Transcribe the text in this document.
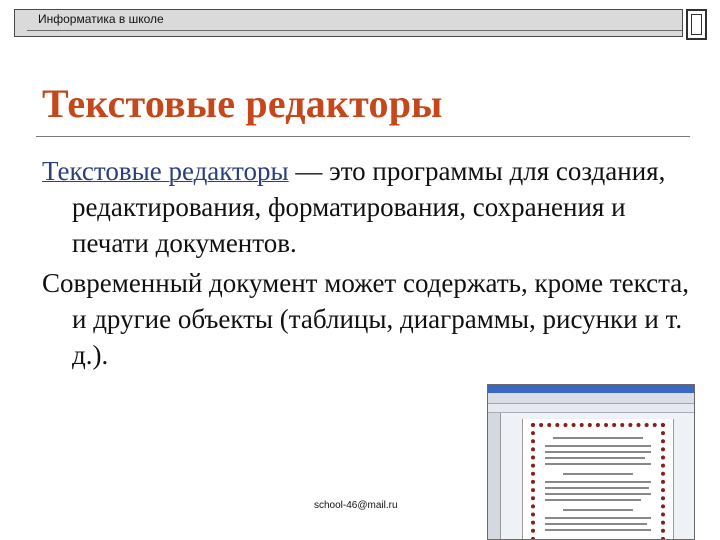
Информатика в школе
Текстовые редакторы

Текстовые редакторы — это программы для создания, редактирования, форматирования, сохранения и печати документов.

Современный документ может содержать, кроме текста, и другие объекты (таблицы, диаграммы, рисунки и т. д.).

school-46@mail.ru
